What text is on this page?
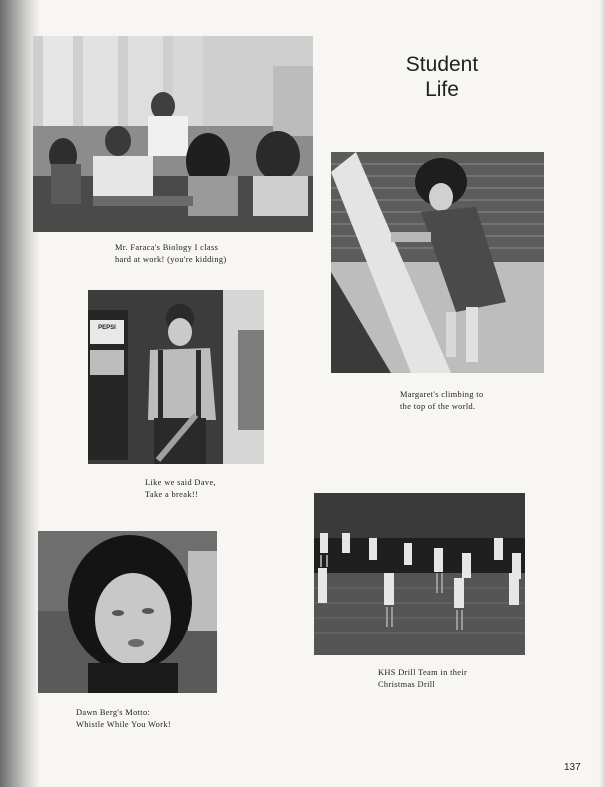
Student
Life
Mr. Faraca's Biology I class
hard at work! (you're kidding)
Margaret's climbing to
the top of the world.
PEPSI
Like we said Dave,
Take a break!!
KHS Drill Team in their
Christmas Drill
Dawn Berg's Motto:
Whistle While You Work!
137
